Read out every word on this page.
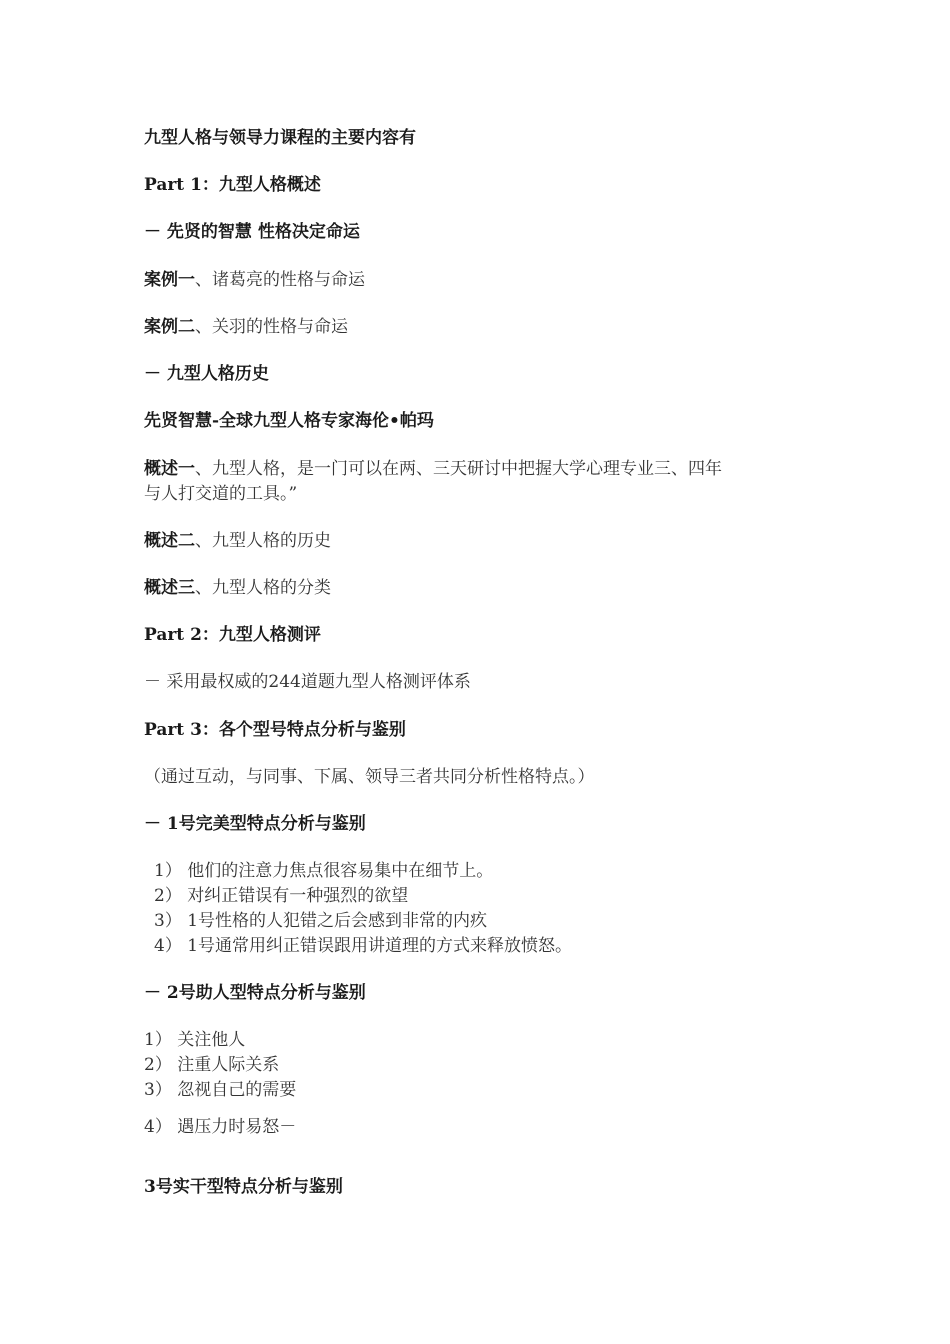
九型人格与领导力课程的主要内容有
Part 1：九型人格概述
－ 先贤的智慧 性格决定命运
案例一、诸葛亮的性格与命运
案例二、关羽的性格与命运
－ 九型人格历史
先贤智慧-全球九型人格专家海伦•帕玛
概述一、九型人格，是一门可以在两、三天研讨中把握大学心理专业三、四年
与人打交道的工具。”
概述二、九型人格的历史
概述三、九型人格的分类
Part 2：九型人格测评
－ 采用最权威的244道题九型人格测评体系
Part 3：各个型号特点分析与鉴别
（通过互动，与同事、下属、领导三者共同分析性格特点。）
－ 1号完美型特点分析与鉴别
1） 他们的注意力焦点很容易集中在细节上。
2） 对纠正错误有一种强烈的欲望
3） 1号性格的人犯错之后会感到非常的内疚
4） 1号通常用纠正错误跟用讲道理的方式来释放愤怒。
－ 2号助人型特点分析与鉴别
1） 关注他人
2） 注重人际关系
3） 忽视自己的需要
4） 遇压力时易怒－
3号实干型特点分析与鉴别
